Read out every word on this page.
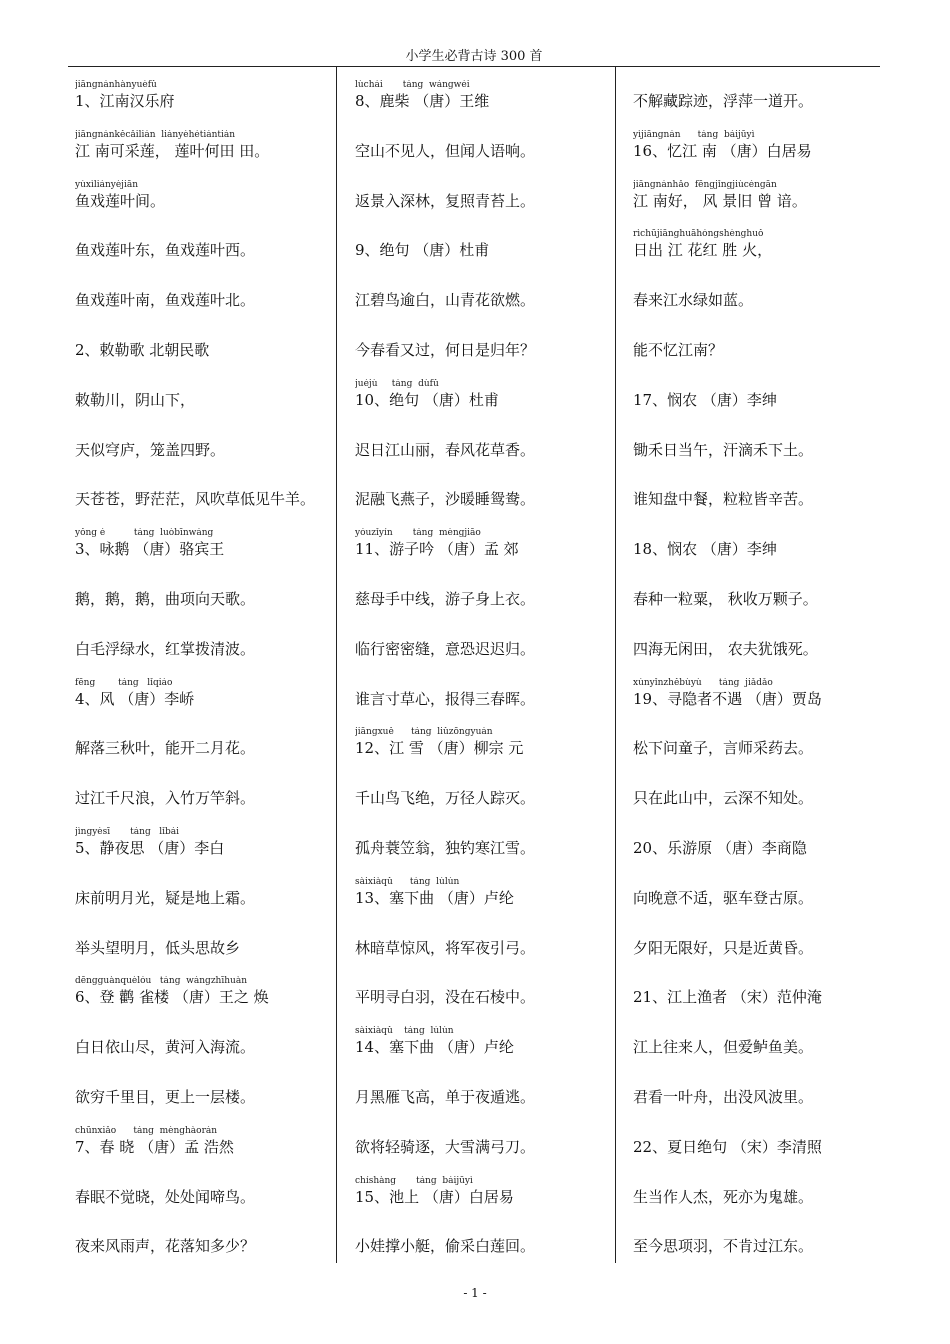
小学生必背古诗 300 首
jiāngnánhànyuèfǔ
1、江南汉乐府
jiāngnánkěcǎilián  liányèhétiántián
江 南可采莲， 莲叶何田 田。
yúxìliányèjiān
鱼戏莲叶间。
鱼戏莲叶东，鱼戏莲叶西。
鱼戏莲叶南，鱼戏莲叶北。
2、敕勒歌 北朝民歌
敕勒川，阴山下，
天似穹庐，笼盖四野。
天苍苍，野茫茫，风吹草低见牛羊。
yǒng é          táng  luòbīnwáng
3、咏鹅 （唐）骆宾王
鹅，鹅，鹅，曲项向天歌。
白毛浮绿水，红掌拨清波。
fēng        táng   lǐqiáo
4、风 （唐）李峤
解落三秋叶，能开二月花。
过江千尺浪，入竹万竿斜。
jìngyèsī       táng   lǐbái
5、静夜思 （唐）李白
床前明月光，疑是地上霜。
举头望明月，低头思故乡
dēngguànquèlóu   táng  wángzhīhuàn
6、登 鹳 雀楼 （唐）王之 焕
白日依山尽，黄河入海流。
欲穷千里目，更上一层楼。
chūnxiǎo      táng  mènghàorán
7、春 晓 （唐）孟 浩然
春眠不觉晓，处处闻啼鸟。
夜来风雨声，花落知多少？
lùchái       táng  wángwéi
8、鹿柴 （唐）王维
空山不见人，但闻人语响。
返景入深林，复照青苔上。
9、绝句 （唐）杜甫
江碧鸟逾白，山青花欲燃。
今春看又过，何日是归年？
juéjù     táng  dùfǔ
10、绝句 （唐）杜甫
迟日江山丽，春风花草香。
泥融飞燕子，沙暖睡鸳鸯。
yóuzǐyín       táng  mèngjiāo
11、游子吟 （唐）孟 郊
慈母手中线，游子身上衣。
临行密密缝，意恐迟迟归。
谁言寸草心，报得三春晖。
jiāngxuě      táng  liǔzōngyuán
12、江 雪 （唐）柳宗 元
千山鸟飞绝，万径人踪灭。
孤舟蓑笠翁，独钓寒江雪。
sàixiàqǔ      táng  lúlún
13、塞下曲 （唐）卢纶
林暗草惊风，将军夜引弓。
平明寻白羽，没在石棱中。
sàixiàqǔ    táng  lúlún
14、塞下曲 （唐）卢纶
月黑雁飞高，单于夜遁逃。
欲将轻骑逐，大雪满弓刀。
chíshàng       táng  báijūyì
15、池上 （唐）白居易
小娃撑小艇，偷采白莲回。
不解藏踪迹，浮萍一道开。
yìjiāngnán      táng  báijūyì
16、忆江 南 （唐）白居易
jiāngnánhǎo  fēngjǐngjiùcéngān
江 南好， 风 景旧 曾 谙。
rìchūjiānghuāhóngshènghuǒ
日出 江 花红 胜 火，
春来江水绿如蓝。
能不忆江南？
17、悯农 （唐）李绅
锄禾日当午，汗滴禾下土。
谁知盘中餐，粒粒皆辛苦。
18、悯农 （唐）李绅
春种一粒粟， 秋收万颗子。
四海无闲田， 农夫犹饿死。
xúnyǐnzhěbùyù      táng  jiǎdǎo
19、寻隐者不遇 （唐）贾岛
松下问童子，言师采药去。
只在此山中，云深不知处。
20、乐游原 （唐）李商隐
向晚意不适，驱车登古原。
夕阳无限好，只是近黄昏。
21、江上渔者 （宋）范仲淹
江上往来人，但爱鲈鱼美。
君看一叶舟，出没风波里。
22、夏日绝句 （宋）李清照
生当作人杰，死亦为鬼雄。
至今思项羽，不肯过江东。
- 1 -
